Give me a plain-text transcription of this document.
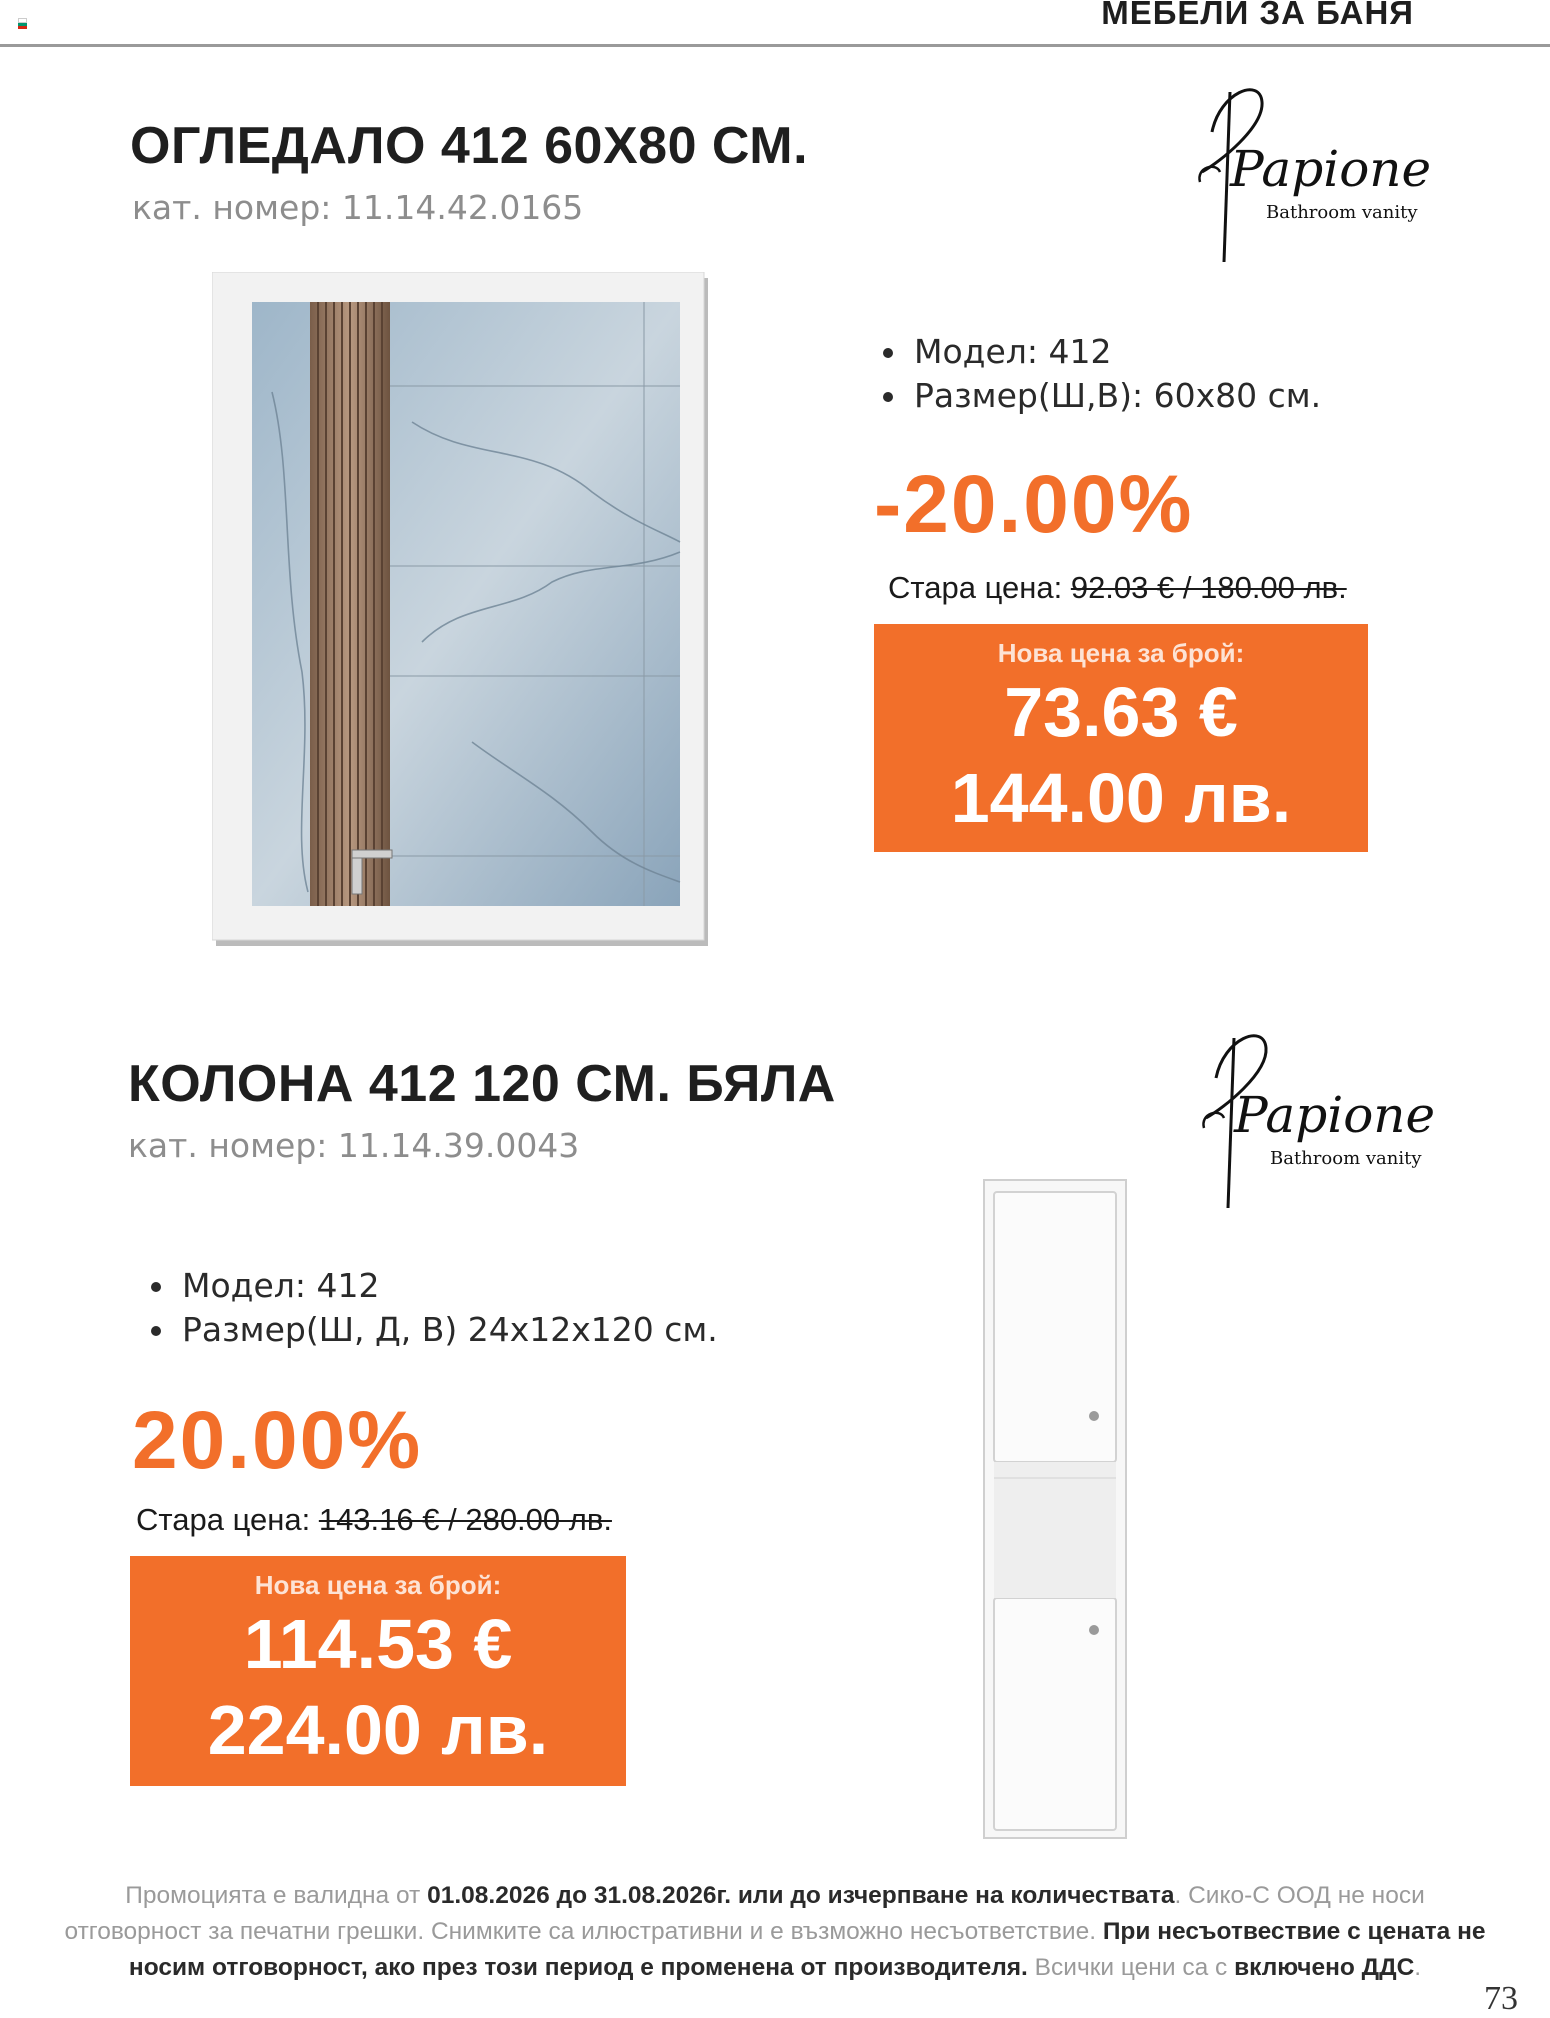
МЕБЕЛИ ЗА БАНЯ
ОГЛЕДАЛО 412 60Х80 СМ.
кат. номер: 11.14.42.0165
Papione
Bathroom vanity
• Модел: 412
• Размер(Ш,В): 60х80 см.
-20.00%
Стара цена: 92.03 € / 180.00 лв.
Нова цена за брой:
73.63 €
144.00 лв.
КОЛОНА 412 120 СМ. БЯЛА
кат. номер: 11.14.39.0043
Papione
Bathroom vanity
• Модел: 412
• Размер(Ш, Д, В) 24х12х120 см.
20.00%
Стара цена: 143.16 € / 280.00 лв.
Нова цена за брой:
114.53 €
224.00 лв.
Промоцията е валидна от 01.08.2026 до 31.08.2026г. или до изчерпване на количествата. Сико-С ООД не носи отговорност за печатни грешки. Снимките са илюстративни и е възможно несъответствие. При несъотвествие с цената не носим отговорност, ако през този период е променена от производителя. Всички цени са с включено ДДС.
73
